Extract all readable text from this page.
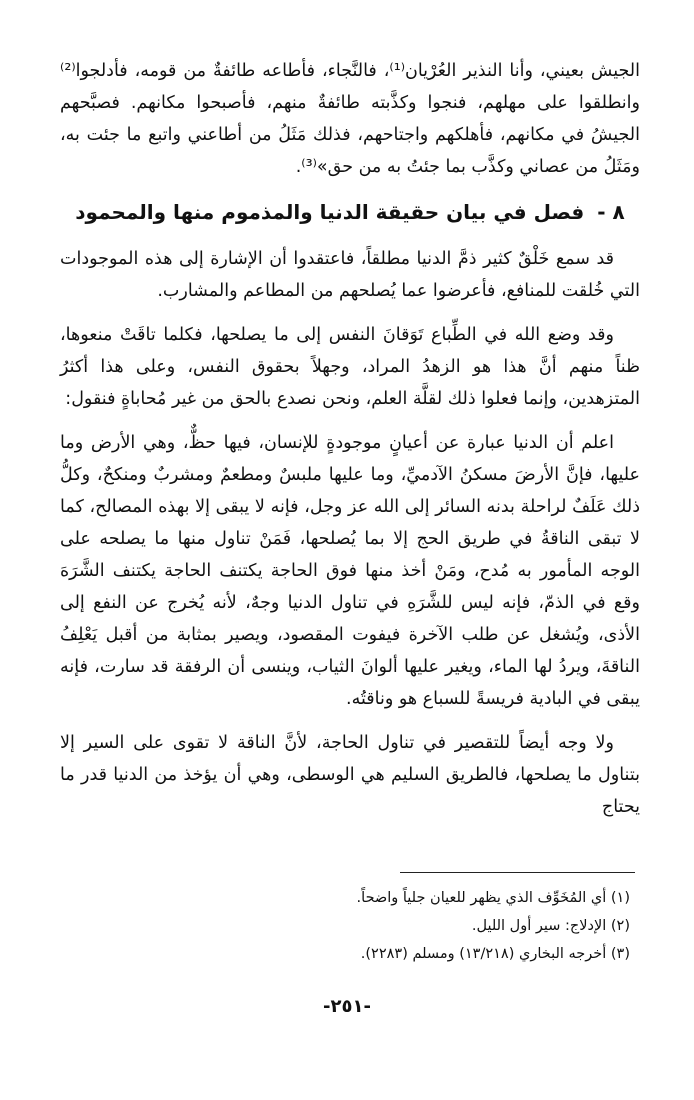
الجيش بعيني، وأنا النذير العُرْيان⁽¹⁾، فالنَّجاء، فأطاعه طائفةٌ من قومه، فأدلجوا⁽²⁾ وانطلقوا على مهلهم، فنجوا وكذَّبته طائفةٌ منهم، فأصبحوا مكانهم. فصبَّحهم الجيشُ في مكانهم، فأهلكهم واجتاحهم، فذلك مَثَلُ من أطاعني واتبع ما جئت به، ومَثَلُ من عصاني وكذَّب بما جئتُ به من حق»⁽³⁾.

٨ - فصل في بيان حقيقة الدنيا والمذموم منها والمحمود

قد سمع خَلْقٌ كثير ذمَّ الدنيا مطلقاً، فاعتقدوا أن الإشارة إلى هذه الموجودات التي خُلقت للمنافع، فأعرضوا عما يُصلحهم من المطاعم والمشارب.

وقد وضع الله في الطِّباع تَوَقانَ النفس إلى ما يصلحها، فكلما تاقَتْ منعوها، ظناً منهم أنَّ هذا هو الزهدُ المراد، وجهلاً بحقوق النفس، وعلى هذا أكثرُ المتزهدين، وإنما فعلوا ذلك لقلَّة العلم، ونحن نصدع بالحق من غير مُحاباةٍ فنقول:

اعلم أن الدنيا عبارة عن أعيانٍ موجودةٍ للإنسان، فيها حظٌّ، وهي الأرض وما عليها، فإنَّ الأرضَ مسكنُ الآدميِّ، وما عليها ملبسٌ ومطعمٌ ومشربٌ ومنكحٌ، وكلُّ ذلك عَلَفٌ لراحلة بدنه السائر إلى الله عز وجل، فإنه لا يبقى إلا بهذه المصالح، كما لا تبقى الناقةُ في طريق الحج إلا بما يُصلحها، فَمَنْ تناول منها ما يصلحه على الوجه المأمور به مُدح، ومَنْ أخذ منها فوق الحاجة يكتنف الحاجة يكتنف الشَّرَهَ وقع في الذمّ، فإنه ليس للشَّرَهِ في تناول الدنيا وجهٌ، لأنه يُخرج عن النفع إلى الأذى، ويُشغل عن طلب الآخرة فيفوت المقصود، ويصير بمثابة من أقبل يَعْلِفُ الناقةَ، ويردُ لها الماء، ويغير عليها ألوانَ الثياب، وينسى أن الرفقة قد سارت، فإنه يبقى في البادية فريسةً للسباع هو وناقتُه.

ولا وجه أيضاً للتقصير في تناول الحاجة، لأنَّ الناقة لا تقوى على السير إلا بتناول ما يصلحها، فالطريق السليم هي الوسطى، وهي أن يؤخذ من الدنيا قدر ما يحتاج

(١) أي المُخَوِّف الذي يظهر للعيان جلياً واضحاً.

(٢) الإدلاج: سير أول الليل.

(٣) أخرجه البخاري (١٣/٢١٨) ومسلم (٢٢٨٣).

-٢٥١-
